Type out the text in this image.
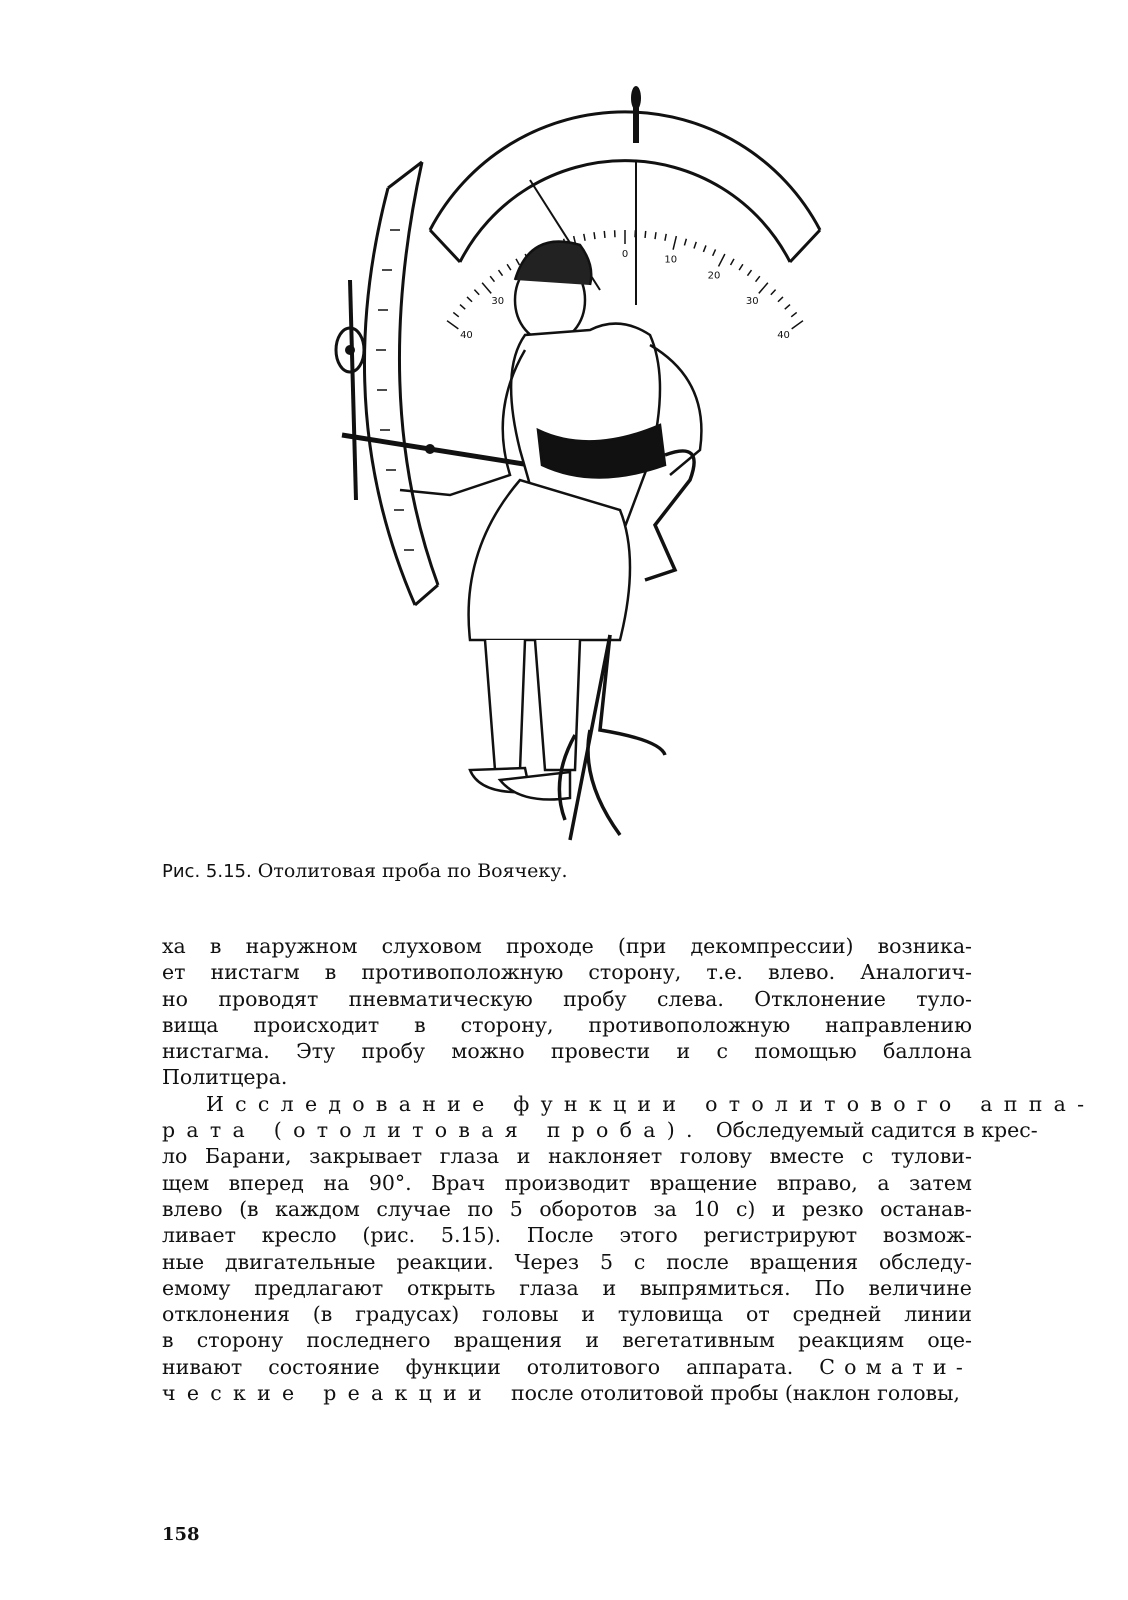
40
30
0	10
20
30
40
Рис. 5.15. Отолитовая проба по Воячеку.
ха в наружном слуховом проходе (при декомпрессии) возника-
ет нистагм в противоположную сторону, т.е. влево. Аналогич-
но проводят пневматическую пробу слева. Отклонение туло-
вища происходит в сторону, противоположную направлению
нистагма. Эту пробу можно провести и с помощью баллона
Политцера.
Исследование функции отолитового аппа-
рата (отолитовая проба). Обследуемый садится в крес-
ло Барани, закрывает глаза и наклоняет голову вместе с тулови-
щем вперед на 90°. Врач производит вращение вправо, а затем
влево (в каждом случае по 5 оборотов за 10 с) и резко останав-
ливает кресло (рис. 5.15). После этого регистрируют возмож-
ные двигательные реакции. Через 5 с после вращения обследу-
емому предлагают открыть глаза и выпрямиться. По величине
отклонения (в градусах) головы и туловища от средней линии
в сторону последнего вращения и вегетативным реакциям оце-
нивают состояние функции отолитового аппарата. Сомати-
ческие реакции после отолитовой пробы (наклон головы,
158
